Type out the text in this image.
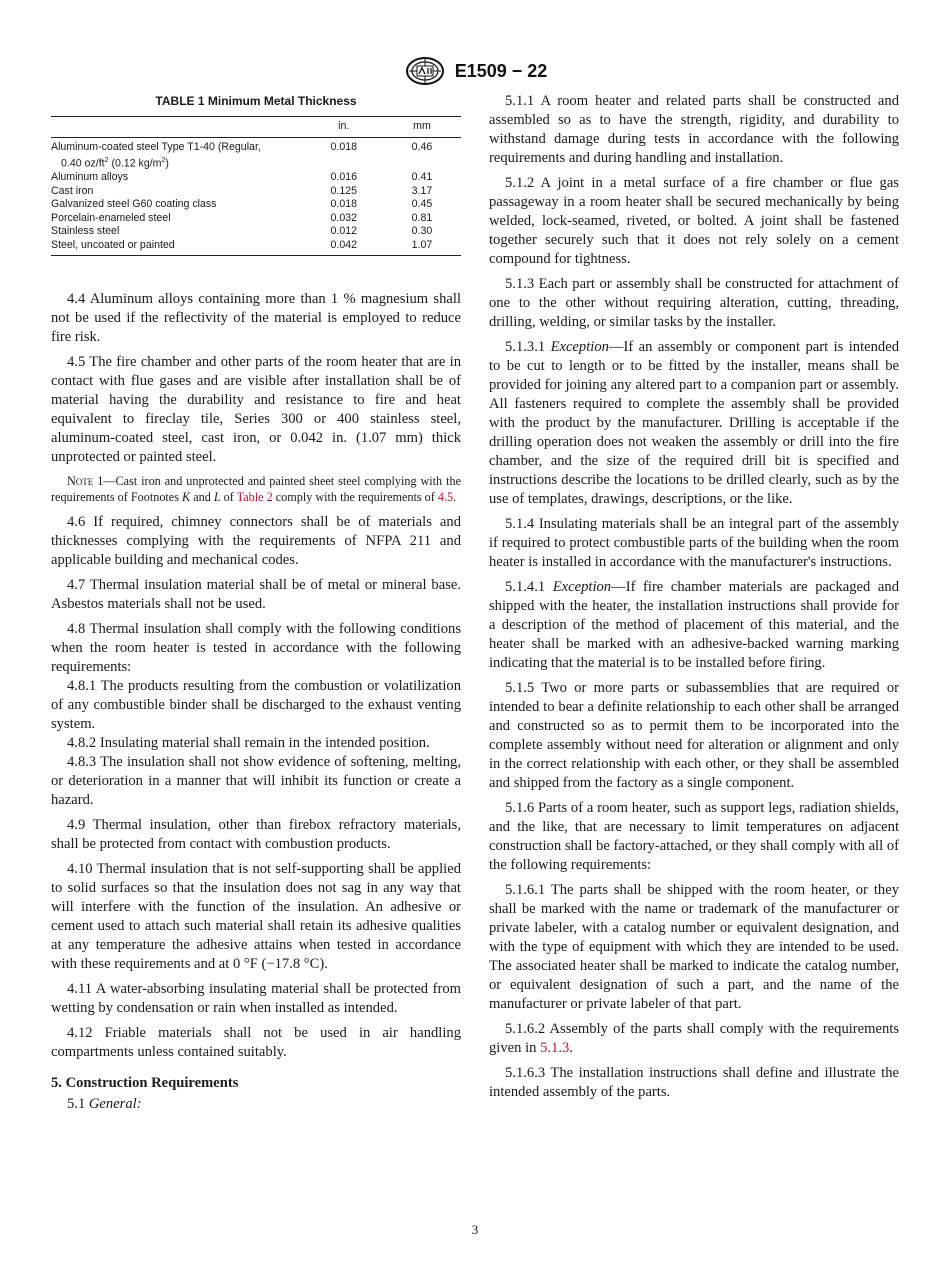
E1509 − 22
TABLE 1 Minimum Metal Thickness
	in.	mm
Aluminum-coated steel Type T1-40 (Regular,
0.40 $oz/ft^2$ (0.12 $kg/m^2$)	0.018	0.46
Aluminum alloys	0.016	0.41
Cast iron	0.125	3.17
Galvanized steel G60 coating class	0.018	0.45
Porcelain-enameled steel	0.032	0.81
Stainless steel	0.012	0.30
Steel, uncoated or painted	0.042	1.07

4.4 Aluminum alloys containing more than 1 % magnesium shall not be used if the reflectivity of the material is employed to reduce fire risk.

4.5 The fire chamber and other parts of the room heater that are in contact with flue gases and are visible after installation shall be of material having the durability and resistance to fire and heat equivalent to fireclay tile, Series 300 or 400 stainless steel, aluminum-coated steel, cast iron, or 0.042 in. (1.07 mm) thick unprotected or painted steel.

Note 1—Cast iron and unprotected and painted sheet steel complying with the requirements of Footnotes K and L of Table 2 comply with the requirements of 4.5.

4.6 If required, chimney connectors shall be of materials and thicknesses complying with the requirements of NFPA 211 and applicable building and mechanical codes.

4.7 Thermal insulation material shall be of metal or mineral base. Asbestos materials shall not be used.

4.8 Thermal insulation shall comply with the following conditions when the room heater is tested in accordance with the following requirements:

4.8.1 The products resulting from the combustion or volatilization of any combustible binder shall be discharged to the exhaust venting system.

4.8.2 Insulating material shall remain in the intended position.

4.8.3 The insulation shall not show evidence of softening, melting, or deterioration in a manner that will inhibit its function or create a hazard.

4.9 Thermal insulation, other than firebox refractory materials, shall be protected from contact with combustion products.

4.10 Thermal insulation that is not self-supporting shall be applied to solid surfaces so that the insulation does not sag in any way that will interfere with the function of the insulation. An adhesive or cement used to attach such material shall retain its adhesive qualities at any temperature the adhesive attains when tested in accordance with these requirements and at 0 °F (−17.8 °C).

4.11 A water-absorbing insulating material shall be protected from wetting by condensation or rain when installed as intended.

4.12 Friable materials shall not be used in air handling compartments unless contained suitably.

5. Construction Requirements

5.1 General:

5.1.1 A room heater and related parts shall be constructed and assembled so as to have the strength, rigidity, and durability to withstand damage during tests in accordance with the following requirements and during handling and installation.

5.1.2 A joint in a metal surface of a fire chamber or flue gas passageway in a room heater shall be secured mechanically by being welded, lock-seamed, riveted, or bolted. A joint shall be fastened together securely such that it does not rely solely on a cement compound for tightness.

5.1.3 Each part or assembly shall be constructed for attachment of one to the other without requiring alteration, cutting, threading, drilling, welding, or similar tasks by the installer.

5.1.3.1 Exception—If an assembly or component part is intended to be cut to length or to be fitted by the installer, means shall be provided for joining any altered part to a companion part or assembly. All fasteners required to complete the assembly shall be provided with the product by the manufacturer. Drilling is acceptable if the drilling operation does not weaken the assembly or drill into the fire chamber, and the size of the required drill bit is specified and instructions describe the locations to be drilled clearly, such as by the use of templates, drawings, descriptions, or the like.

5.1.4 Insulating materials shall be an integral part of the assembly if required to protect combustible parts of the building when the room heater is installed in accordance with the manufacturer's instructions.

5.1.4.1 Exception—If fire chamber materials are packaged and shipped with the heater, the installation instructions shall provide for a description of the method of placement of this material, and the heater shall be marked with an adhesive-backed warning marking indicating that the material is to be installed before firing.

5.1.5 Two or more parts or subassemblies that are required or intended to bear a definite relationship to each other shall be arranged and constructed so as to permit them to be incorporated into the complete assembly without need for alteration or alignment and only in the correct relationship with each other, or they shall be assembled and shipped from the factory as a single component.

5.1.6 Parts of a room heater, such as support legs, radiation shields, and the like, that are necessary to limit temperatures on adjacent construction shall be factory-attached, or they shall comply with all of the following requirements:

5.1.6.1 The parts shall be shipped with the room heater, or they shall be marked with the name or trademark of the manufacturer or private labeler, with a catalog number or equivalent designation, and with the type of equipment with which they are intended to be used. The associated heater shall be marked to indicate the catalog number, or equivalent designation of such a part, and the name of the manufacturer or private labeler of that part.

5.1.6.2 Assembly of the parts shall comply with the requirements given in 5.1.3.

5.1.6.3 The installation instructions shall define and illustrate the intended assembly of the parts.

3
